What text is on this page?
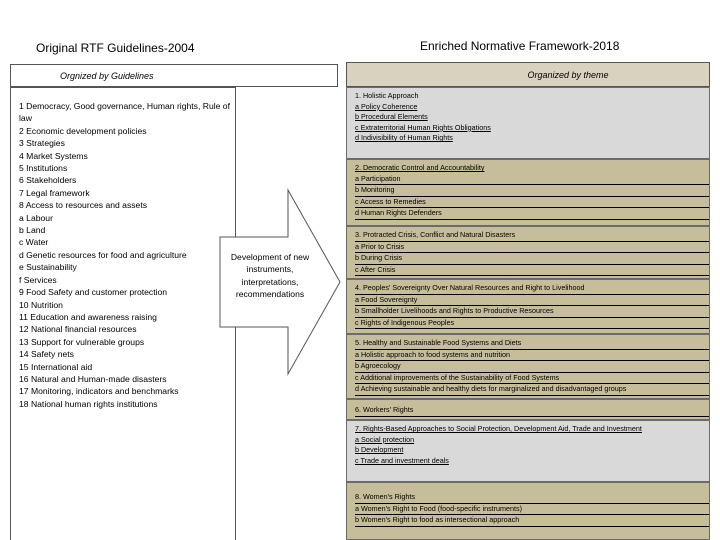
Original RTF Guidelines-2004	Enriched Normative Framework-2018
Orgnized by Guidelines	Organized by theme
1 Democracy, Good governance, Human rights, Rule of law
2 Economic development policies
3 Strategies
4 Market Systems
5 Institutions
6 Stakeholders
7 Legal framework
8 Access to resources and assets
a Labour
b Land
c Water
d Genetic resources for food and agriculture
e Sustainability
f Services
9 Food Safety and customer protection
10 Nutrition
11 Education and awareness raising
12 National financial resources
13 Support for vulnerable groups
14 Safety nets
15 International aid
16 Natural and Human-made disasters
17 Monitoring, indicators and benchmarks
18 National human rights institutions
Development of new instruments, interpretations, recommendations
1. Holistic Approach
a Policy Coherence
b Procedural Elements
c Extraterritorial Human Rights Obligations
d Indivisibility of Human Rights
2. Democratic Control and Accountability
a Participation
b Monitoring
c Access to Remedies
d Human Rights Defenders
3. Protracted Crisis, Conflict and Natural Disasters
a Prior to Crisis
b During Crisis
c After Crisis
4. Peoples' Sovereignty Over Natural Resources and Right to Livelihood
a Food Sovereignty
b Smallholder Livelihoods and Rights to Productive Resources
c Rights of Indigenous Peoples
5. Healthy and Sustainable Food Systems and Diets
a Holistic approach to food systems and nutrition
b Agroecology
c Additional improvements of the Sustainability of Food Systems
d Achieving sustainable and healthy diets for marginalized and disadvantaged groups
6. Workers' Rights
7. Rights-Based Approaches to Social Protection, Development Aid, Trade and Investment
a Social protection
b Development
c Trade and investment deals
8. Women's Rights
a Women's Right to Food (food-specific instruments)
b Women's Right to food as intersectional approach
